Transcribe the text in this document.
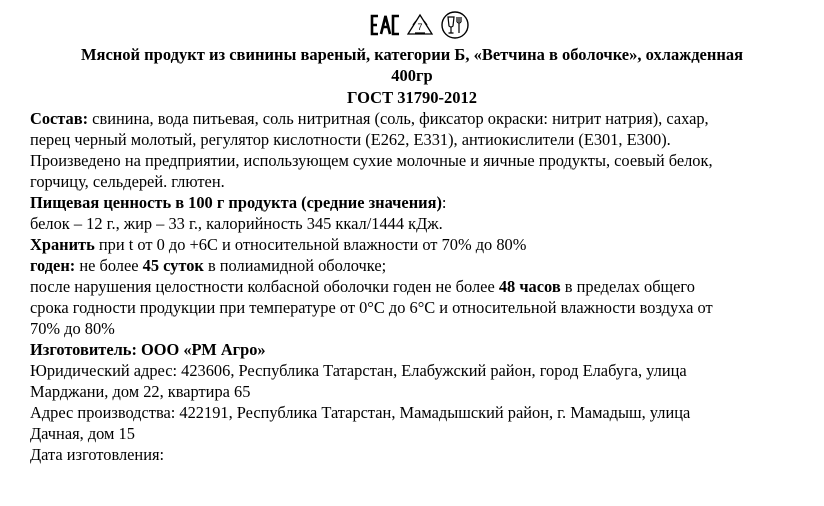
7
Мясной продукт из свинины вареный, категории Б, «Ветчина в оболочке», охлажденная
400гр
ГОСТ 31790-2012
Состав: свинина, вода питьевая, соль нитритная (соль, фиксатор окраски: нитрит натрия), сахар,
перец черный молотый, регулятор кислотности (Е262, Е331), антиокислители (Е301, Е300).
Произведено на предприятии, использующем сухие молочные и яичные продукты, соевый белок,
горчицу, сельдерей. глютен.
Пищевая ценность в 100 г продукта (средние значения):
белок – 12 г., жир – 33 г., калорийность 345 ккал/1444 кДж.
Хранить при t от 0 до +6С и относительной влажности от 70% до 80%
годен: не более 45 суток в полиамидной оболочке;
после нарушения целостности колбасной оболочки годен не более 48 часов в пределах общего
срока годности продукции при температуре от 0°С до 6°С и относительной влажности воздуха от
70% до 80%
Изготовитель: ООО «РМ Агро»
Юридический адрес: 423606, Республика Татарстан, Елабужский район, город Елабуга, улица
Марджани, дом 22, квартира 65
Адрес производства: 422191, Республика Татарстан, Мамадышский район, г. Мамадыш, улица
Дачная, дом 15
Дата изготовления:
